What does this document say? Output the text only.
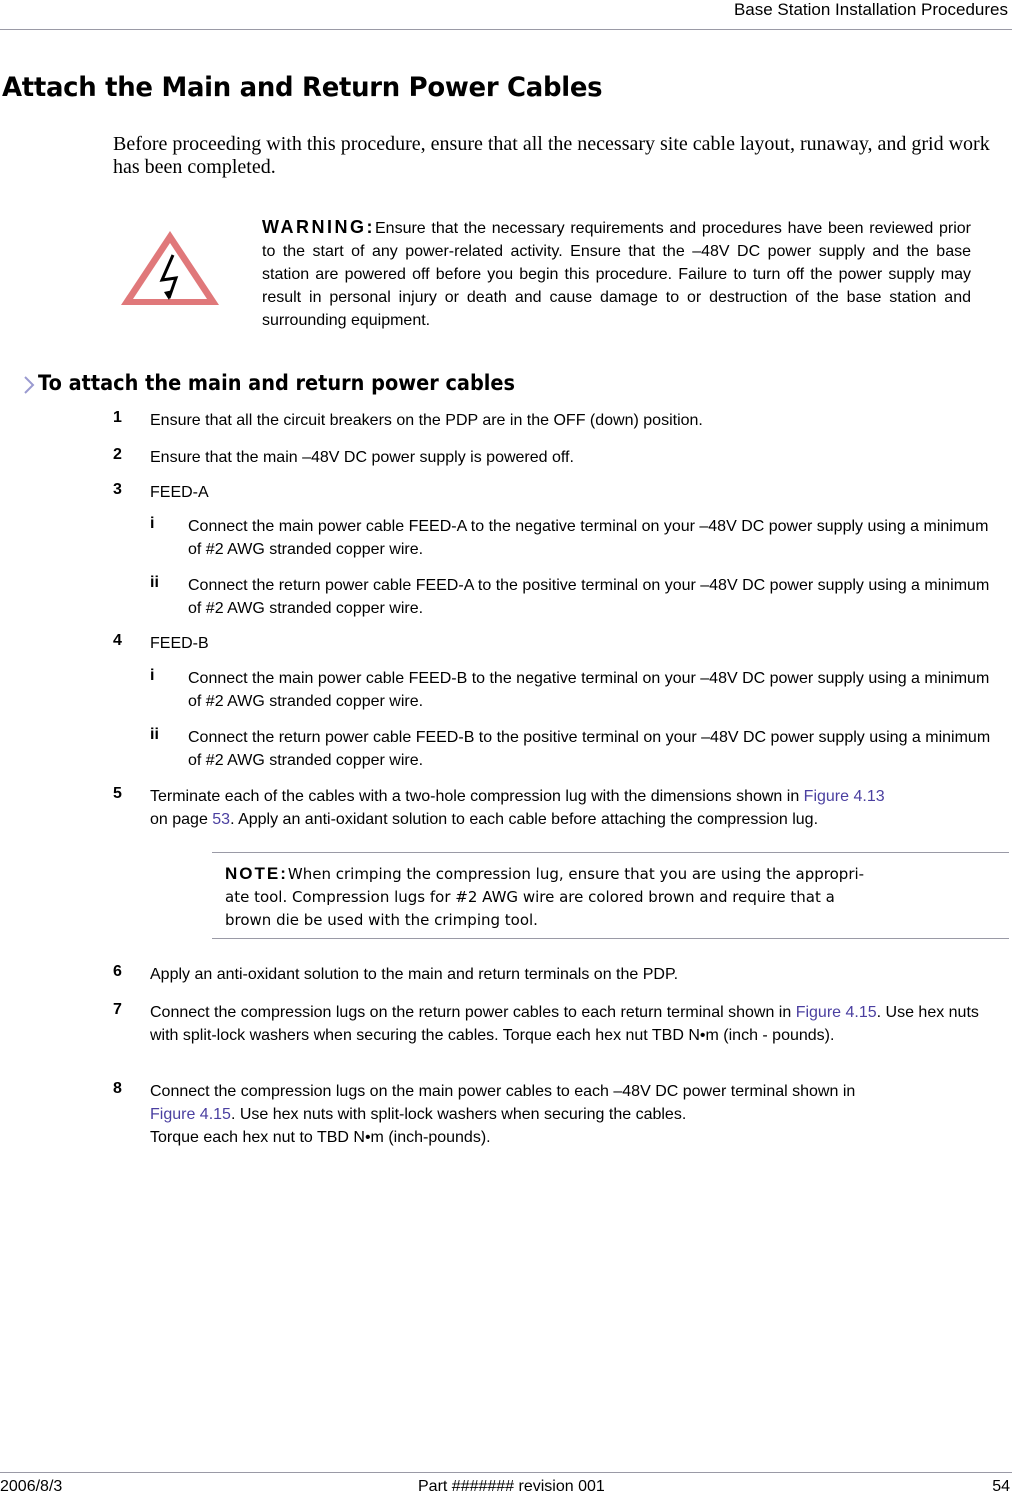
Base Station Installation Procedures
Attach the Main and Return Power Cables
Before proceeding with this procedure, ensure that all the necessary site cable layout, runaway, and grid work has been completed.
WARNING:Ensure that the necessary requirements and procedures have been reviewed prior to the start of any power-related activity. Ensure that the –48V DC power supply and the base station are powered off before you begin this procedure. Failure to turn off the power supply may result in personal injury or death and cause damage to or destruction of the base station and surrounding equipment.
To attach the main and return power cables
1 Ensure that all the circuit breakers on the PDP are in the OFF (down) position.
2 Ensure that the main –48V DC power supply is powered off.
3 FEED-A
i Connect the main power cable FEED-A to the negative terminal on your –48V DC power supply using a minimum of #2 AWG stranded copper wire.
ii Connect the return power cable FEED-A to the positive terminal on your –48V DC power supply using a minimum of #2 AWG stranded copper wire.
4 FEED-B
i Connect the main power cable FEED-B to the negative terminal on your –48V DC power supply using a minimum of #2 AWG stranded copper wire.
ii Connect the return power cable FEED-B to the positive terminal on your –48V DC power supply using a minimum of #2 AWG stranded copper wire.
5 Terminate each of the cables with a two-hole compression lug with the dimensions shown in Figure 4.13
on page 53. Apply an anti-oxidant solution to each cable before attaching the compression lug.
NOTE:When crimping the compression lug, ensure that you are using the appropri-
ate tool. Compression lugs for #2 AWG wire are colored brown and require that a
brown die be used with the crimping tool.
6 Apply an anti-oxidant solution to the main and return terminals on the PDP.
7 Connect the compression lugs on the return power cables to each return terminal shown in Figure 4.15. Use hex nuts with split-lock washers when securing the cables. Torque each hex nut TBD N•m (inch - pounds).
8 Connect the compression lugs on the main power cables to each –48V DC power terminal shown in
Figure 4.15. Use hex nuts with split-lock washers when securing the cables.
Torque each hex nut to TBD N•m (inch-pounds).
2006/8/3	Part ####### revision 001	54
